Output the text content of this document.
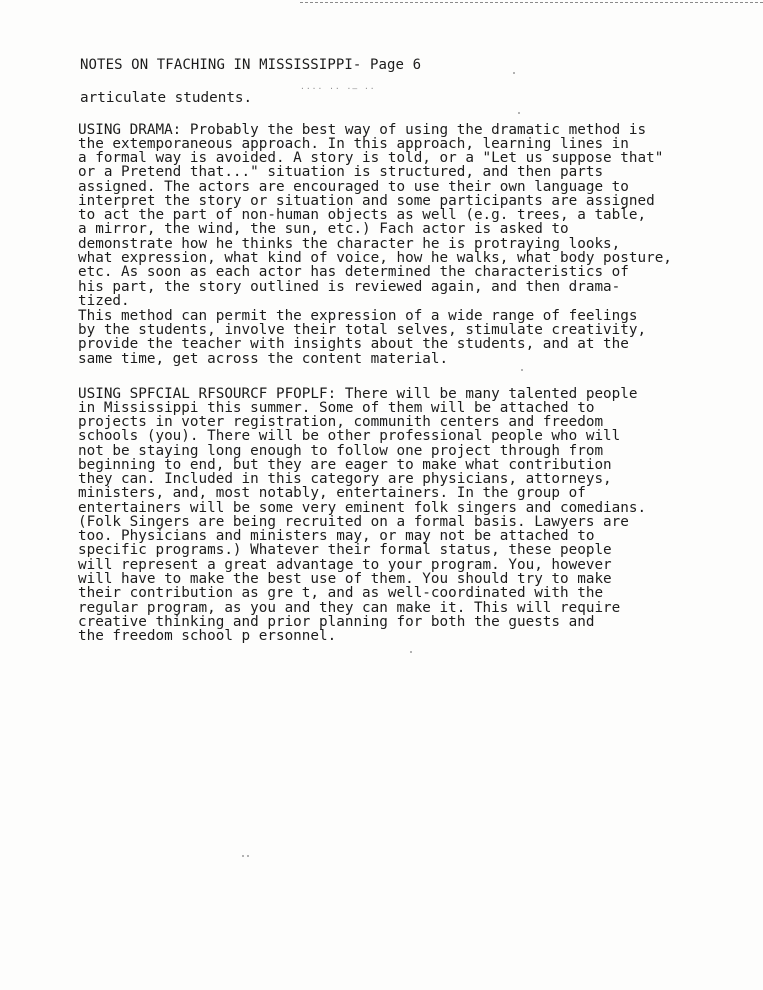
NOTES ON TFACHING IN MISSISSIPPI- Page 6
···· ·· ·— ··
articulate students.
USING DRAMA: Probably the best way of using the dramatic method is
the extemporaneous approach. In this approach, learning lines in
a formal way is avoided. A story is told, or a "Let us suppose that"
or a Pretend that..." situation is structured, and then parts
assigned. The actors are encouraged to use their own language to
interpret the story or situation and some participants are assigned
to act the part of non-human objects as well (e.g. trees, a table,
a mirror, the wind, the sun, etc.) Fach actor is asked to
demonstrate how he thinks the character he is protraying looks,
what expression, what kind of voice, how he walks, what body posture,
etc. As soon as each actor has determined the characteristics of
his part, the story outlined is reviewed again, and then drama-
tized.
This method can permit the expression of a wide range of feelings
by the students, involve their total selves, stimulate creativity,
provide the teacher with insights about the students, and at the
same time, get across the content material.
USING SPFCIAL RFSOURCF PFOPLF: There will be many talented people
in Mississippi this summer. Some of them will be attached to
projects in voter registration, communith centers and freedom
schools (you). There will be other professional people who will
not be staying long enough to follow one project through from
beginning to end, but they are eager to make what contribution
they can. Included in this category are physicians, attorneys,
ministers, and, most notably, entertainers. In the group of
entertainers will be some very eminent folk singers and comedians.
(Folk Singers are being recruited on a formal basis. Lawyers are
too. Physicians and ministers may, or may not be attached to
specific programs.) Whatever their formal status, these people
will represent a great advantage to your program. You, however
will have to make the best use of them. You should try to make
their contribution as gre t, and as well-coordinated with the
regular program, as you and they can make it. This will require
creative thinking and prior planning for both the guests and
the freedom school p ersonnel.
